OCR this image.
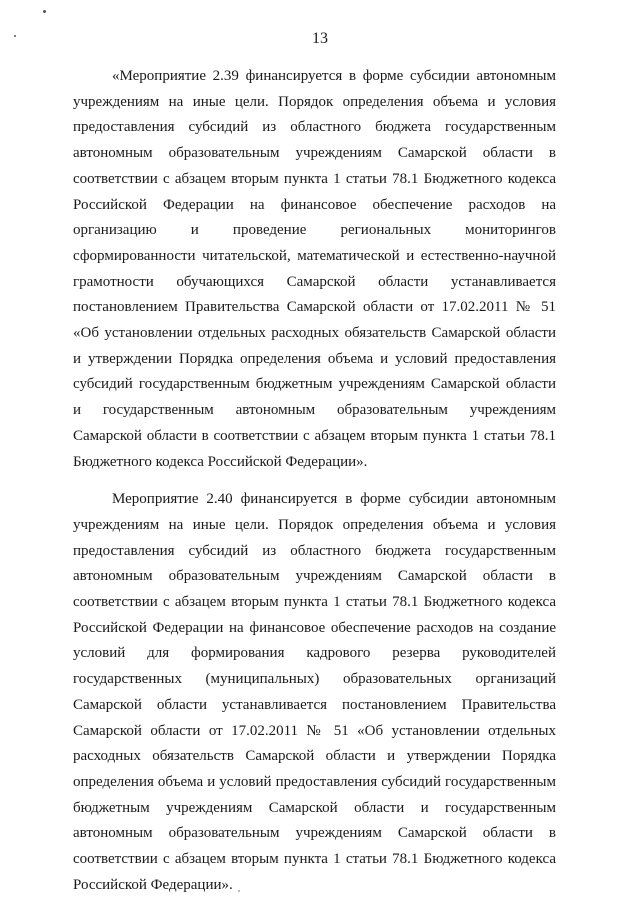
13

«Мероприятие 2.39 финансируется в форме субсидии автономным учреждениям на иные цели. Порядок определения объема и условия предоставления субсидий из областного бюджета государственным автономным образовательным учреждениям Самарской области в соответствии с абзацем вторым пункта 1 статьи 78.1 Бюджетного кодекса Российской Федерации на финансовое обеспечение расходов на организацию и проведение региональных мониторингов сформированности читательской, математической и естественно-научной грамотности обучающихся Самарской области устанавливается постановлением Правительства Самарской области от 17.02.2011 № 51 «Об установлении отдельных расходных обязательств Самарской области и утверждении Порядка определения объема и условий предоставления субсидий государственным бюджетным учреждениям Самарской области и государственным автономным образовательным учреждениям Самарской области в соответствии с абзацем вторым пункта 1 статьи 78.1 Бюджетного кодекса Российской Федерации».

Мероприятие 2.40 финансируется в форме субсидии автономным учреждениям на иные цели. Порядок определения объема и условия предоставления субсидий из областного бюджета государственным автономным образовательным учреждениям Самарской области в соответствии с абзацем вторым пункта 1 статьи 78.1 Бюджетного кодекса Российской Федерации на финансовое обеспечение расходов на создание условий для формирования кадрового резерва руководителей государственных (муниципальных) образовательных организаций Самарской области устанавливается постановлением Правительства Самарской области от 17.02.2011 № 51 «Об установлении отдельных расходных обязательств Самарской области и утверждении Порядка определения объема и условий предоставления субсидий государственным бюджетным учреждениям Самарской области и государственным автономным образовательным учреждениям Самарской области в соответствии с абзацем вторым пункта 1 статьи 78.1 Бюджетного кодекса Российской Федерации».
